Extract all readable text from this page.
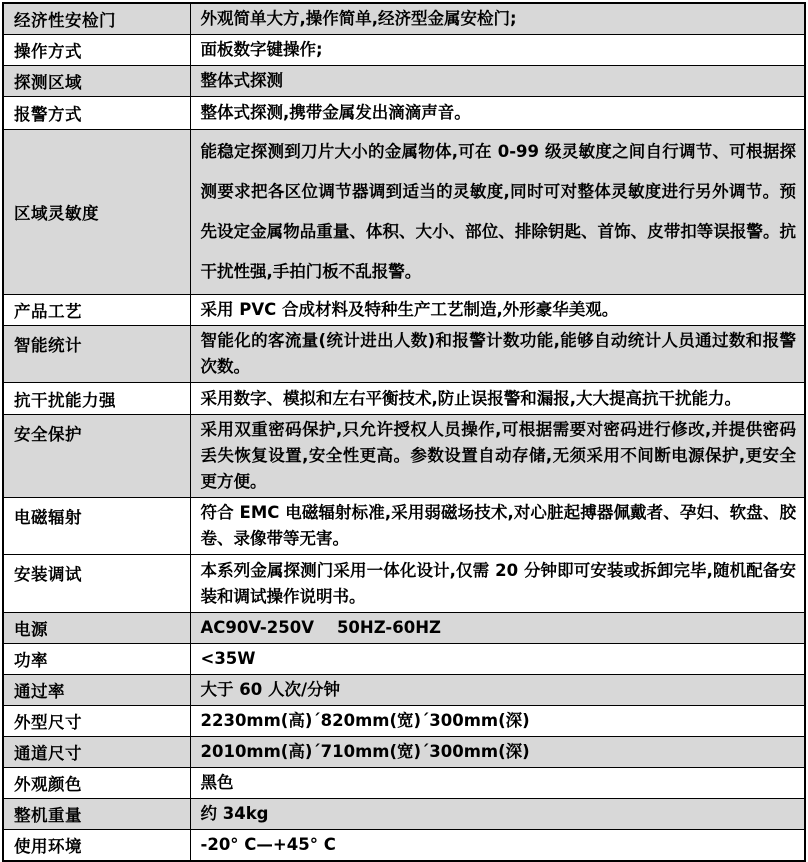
经济性安检门	外观简单大方,操作简单,经济型金属安检门;
操作方式	面板数字键操作;
探测区域	整体式探测
报警方式	整体式探测,携带金属发出滴滴声音。
区域灵敏度	能稳定探测到刀片大小的金属物体,可在 0-99 级灵敏度之间自行调节、可根据探测要求把各区位调节器调到适当的灵敏度,同时可对整体灵敏度进行另外调节。预先设定金属物品重量、体积、大小、部位、排除钥匙、首饰、皮带扣等误报警。抗干扰性强,手拍门板不乱报警。
产品工艺	采用 PVC 合成材料及特种生产工艺制造,外形豪华美观。
智能统计	智能化的客流量(统计进出人数)和报警计数功能,能够自动统计人员通过数和报警次数。
抗干扰能力强	采用数字、模拟和左右平衡技术,防止误报警和漏报,大大提高抗干扰能力。
安全保护	采用双重密码保护,只允许授权人员操作,可根据需要对密码进行修改,并提供密码丢失恢复设置,安全性更高。参数设置自动存储,无须采用不间断电源保护,更安全更方便。
电磁辐射	符合 EMC 电磁辐射标准,采用弱磁场技术,对心脏起搏器佩戴者、孕妇、软盘、胶卷、录像带等无害。
安装调试	本系列金属探测门采用一体化设计,仅需 20 分钟即可安装或拆卸完毕,随机配备安装和调试操作说明书。
电源	AC90V-250V    50HZ-60HZ
功率	<35W
通过率	大于 60 人次/分钟
外型尺寸	2230mm(高)´820mm(宽)´300mm(深)
通道尺寸	2010mm(高)´710mm(宽)´300mm(深)
外观颜色	黑色
整机重量	约 34kg
使用环境	-20° C—+45° C
